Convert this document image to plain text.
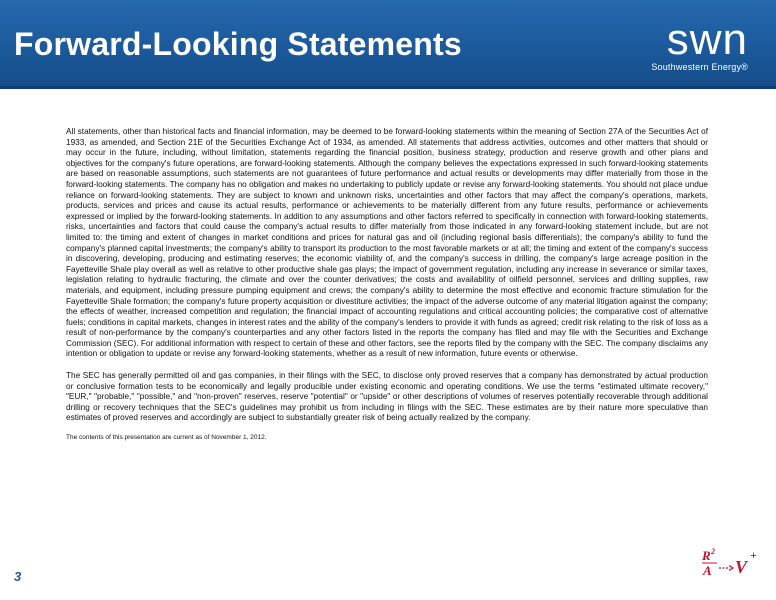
Forward-Looking Statements	swn
Southwestern Energy®

All statements, other than historical facts and financial information, may be deemed to be forward-looking statements within the meaning of Section 27A of the Securities Act of 1933, as amended, and Section 21E of the Securities Exchange Act of 1934, as amended. All statements that address activities, outcomes and other matters that should or may occur in the future, including, without limitation, statements regarding the financial position, business strategy, production and reserve growth and other plans and objectives for the company's future operations, are forward-looking statements. Although the company believes the expectations expressed in such forward-looking statements are based on reasonable assumptions, such statements are not guarantees of future performance and actual results or developments may differ materially from those in the forward-looking statements. The company has no obligation and makes no undertaking to publicly update or revise any forward-looking statements. You should not place undue reliance on forward-looking statements. They are subject to known and unknown risks, uncertainties and other factors that may affect the company's operations, markets, products, services and prices and cause its actual results, performance or achievements to be materially different from any future results, performance or achievements expressed or implied by the forward-looking statements. In addition to any assumptions and other factors referred to specifically in connection with forward-looking statements, risks, uncertainties and factors that could cause the company's actual results to differ materially from those indicated in any forward-looking statement include, but are not limited to: the timing and extent of changes in market conditions and prices for natural gas and oil (including regional basis differentials); the company's ability to fund the company's planned capital investments; the company's ability to transport its production to the most favorable markets or at all; the timing and extent of the company's success in discovering, developing, producing and estimating reserves; the economic viability of, and the company's success in drilling, the company's large acreage position in the Fayetteville Shale play overall as well as relative to other productive shale gas plays; the impact of government regulation, including any increase in severance or similar taxes, legislation relating to hydraulic fracturing, the climate and over the counter derivatives; the costs and availability of oilfield personnel, services and drilling supplies, raw materials, and equipment, including pressure pumping equipment and crews; the company's ability to determine the most effective and economic fracture stimulation for the Fayetteville Shale formation; the company's future property acquisition or divestiture activities; the impact of the adverse outcome of any material litigation against the company; the effects of weather, increased competition and regulation; the financial impact of accounting regulations and critical accounting policies; the comparative cost of alternative fuels; conditions in capital markets, changes in interest rates and the ability of the company's lenders to provide it with funds as agreed; credit risk relating to the risk of loss as a result of non-performance by the company's counterparties and any other factors listed in the reports the company has filed and may file with the Securities and Exchange Commission (SEC). For additional information with respect to certain of these and other factors, see the reports filed by the company with the SEC. The company disclaims any intention or obligation to update or revise any forward-looking statements, whether as a result of new information, future events or otherwise.

The SEC has generally permitted oil and gas companies, in their filings with the SEC, to disclose only proved reserves that a company has demonstrated by actual production or conclusive formation tests to be economically and legally producible under existing economic and operating conditions. We use the terms "estimated ultimate recovery," "EUR," "probable," "possible," and "non-proven" reserves, reserve "potential" or "upside" or other descriptions of volumes of reserves potentially recoverable through additional drilling or recovery techniques that the SEC's guidelines may prohibit us from including in filings with the SEC. These estimates are by their nature more speculative than estimates of proved reserves and accordingly are subject to substantially greater risk of being actually realized by the company.

The contents of this presentation are current as of November 1, 2012.

3
R 2
A V
+
